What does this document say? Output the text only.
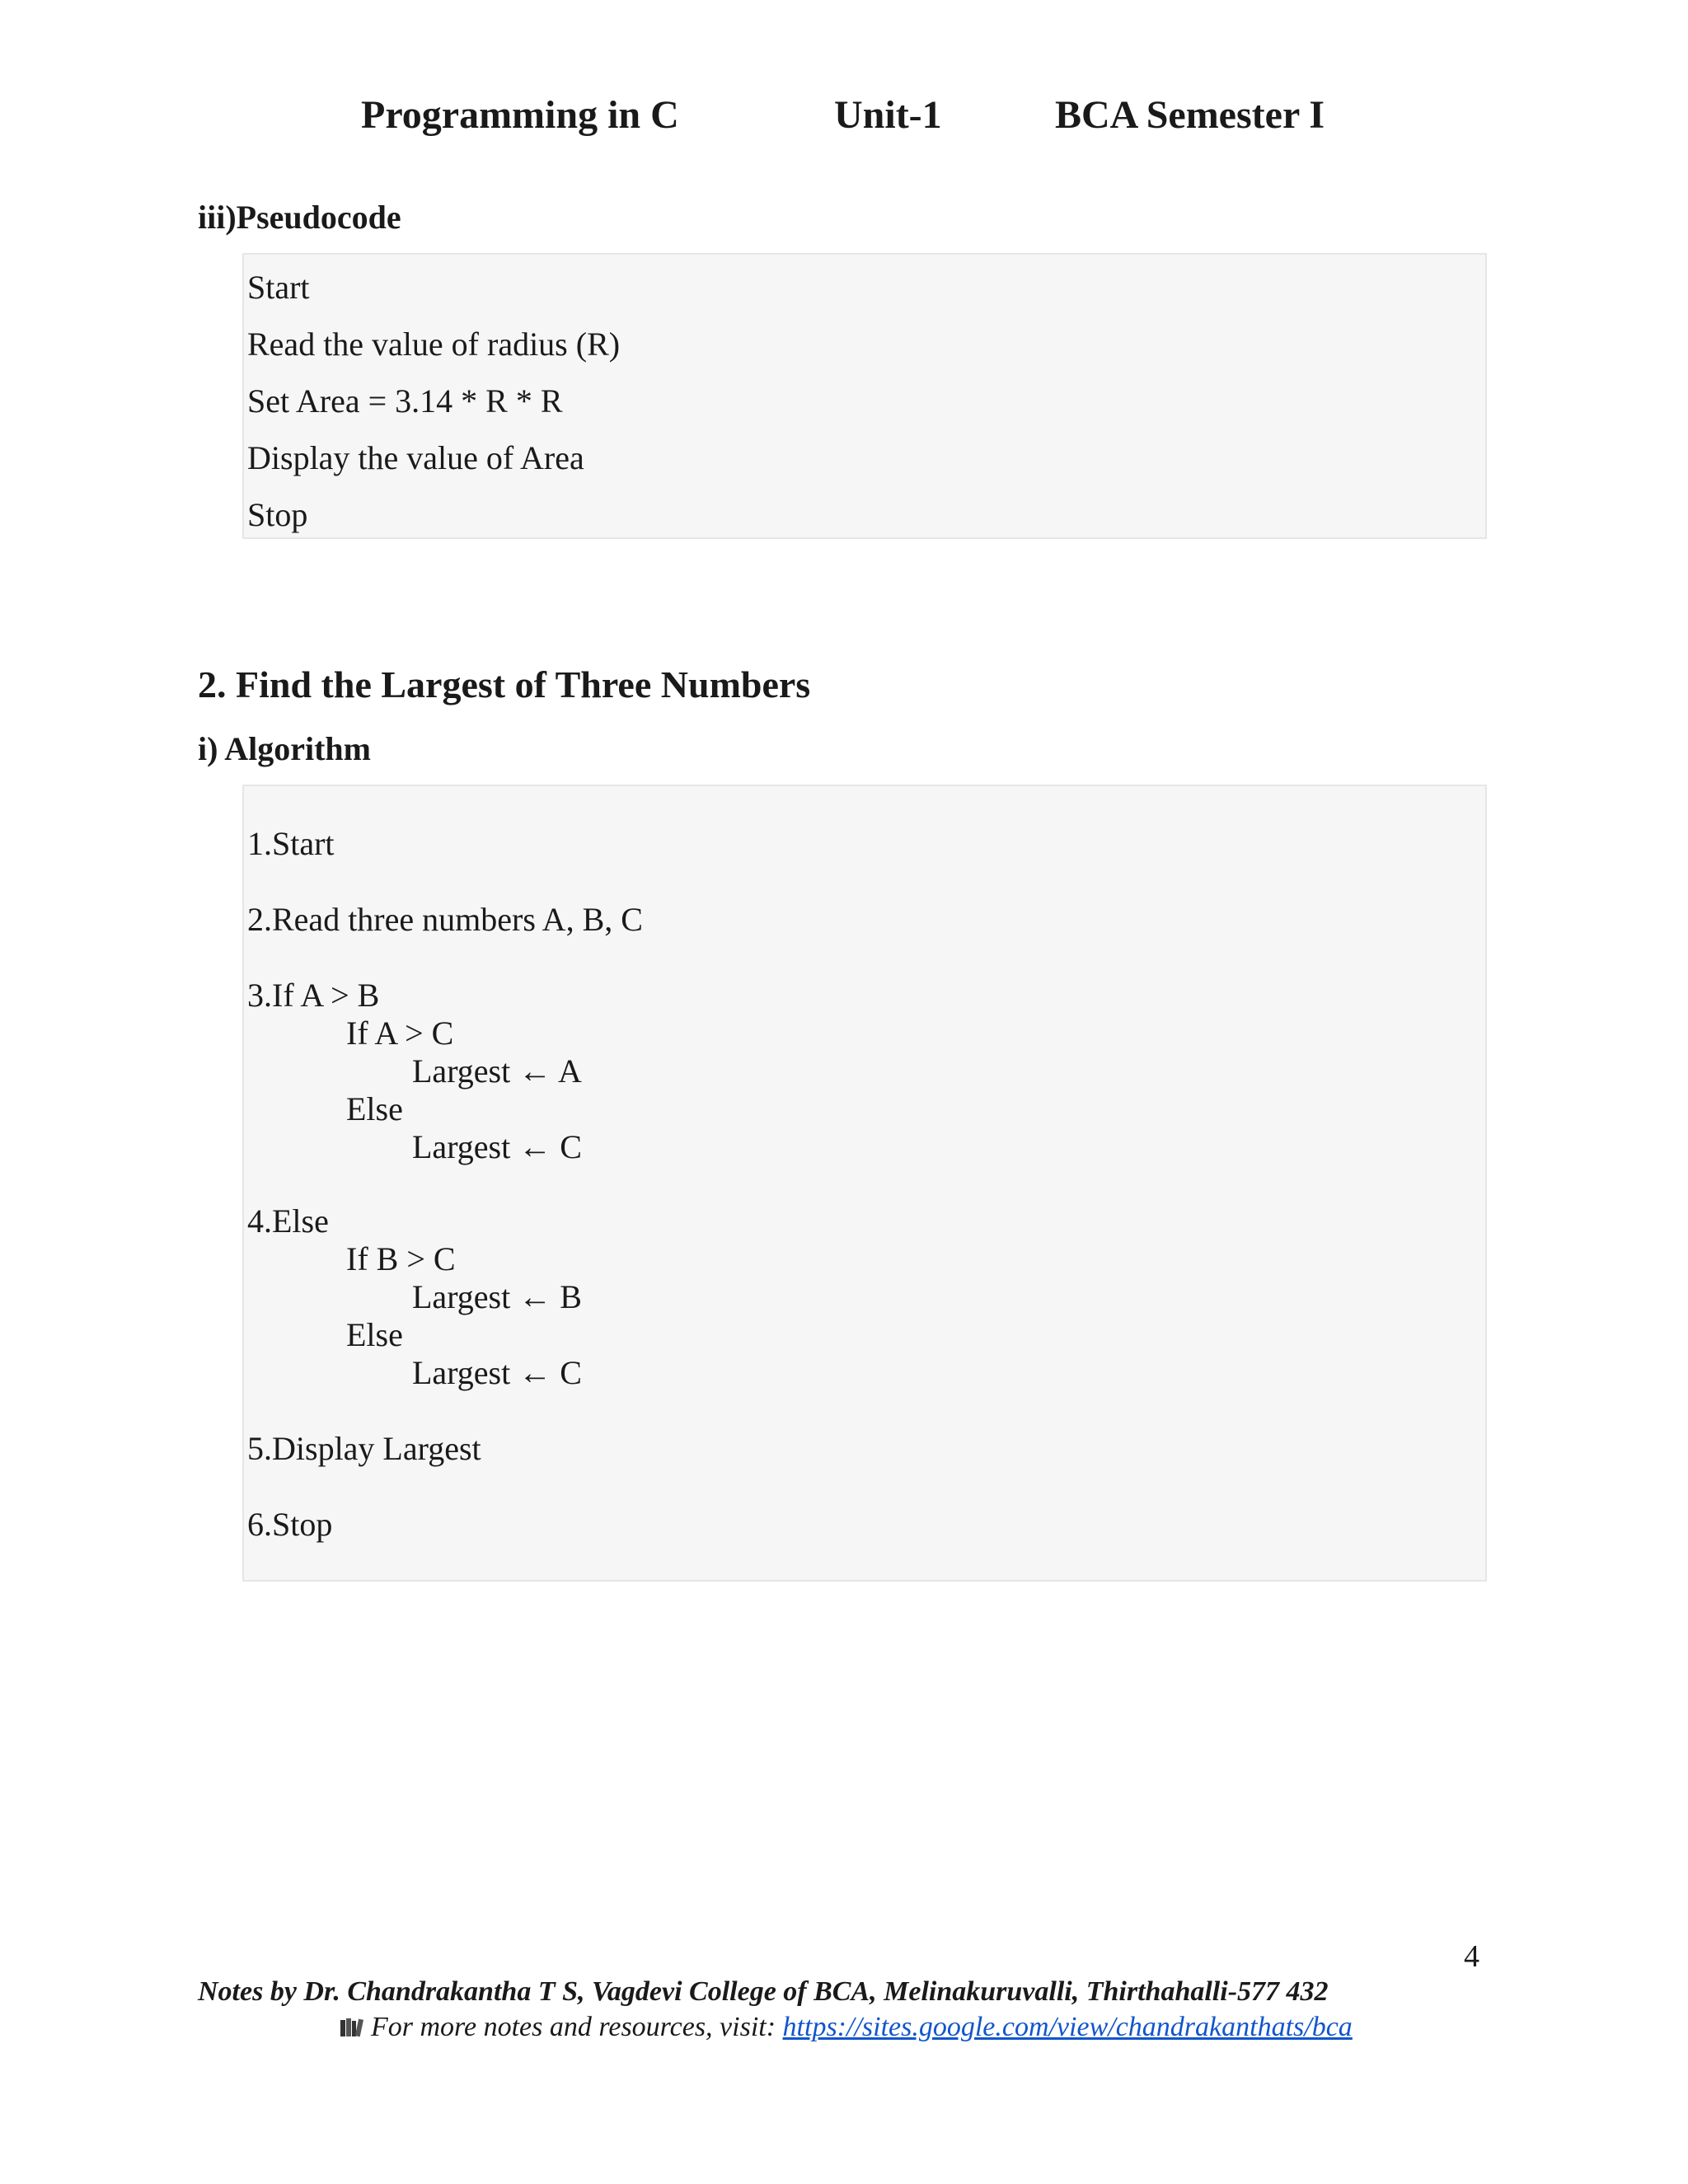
Programming in C	Unit-1	BCA Semester I
iii)Pseudocode
Start
Read the value of radius (R)
Set Area = 3.14 * R * R
Display the value of Area
Stop
2. Find the Largest of Three Numbers
i) Algorithm
1.Start
2.Read three numbers A, B, C
3.If A > B
If A > C
Largest ← A
Else
Largest ← C
4.Else
If B > C
Largest ← B
Else
Largest ← C
5.Display Largest
6.Stop
4
Notes by Dr. Chandrakantha T S, Vagdevi College of BCA, Melinakuruvalli, Thirthahalli-577 432
For more notes and resources, visit: https://sites.google.com/view/chandrakanthats/bca
